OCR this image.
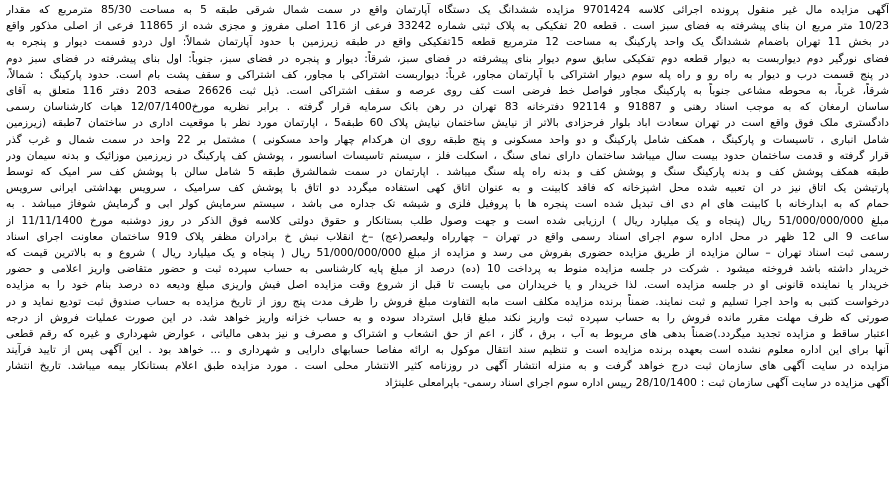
آگهی مزایده مال غیر منقول پرونده اجرائی کلاسه 9701424 مزایده ششدانگ یک دستگاه آپارتمان واقع در سمت شمال شرقی طبقه 5 به مساحت 85/30 مترمربع که مقدار
10/23 متر مربع ان بنای پیشرفته به فضای سبز است . قطعه 20 تفکیکی به پلاک ثبتی شماره 33242 فرعی از 116 اصلی مفروز و مجزی شده از 11865 فرعی از اصلی مذکور واقع
در بخش 11 تهران باضمام ششدانگ یک واحد پارکینگ به مساحت 12 مترمربع قطعه 15تفکیکی واقع در طبقه زیرزمین با حدود آپارتمان شمالاً: اول دردو قسمت دیوار و پنجره به
فضای نورگیر دوم دیواربست به دیوار قطعه دوم تفکیکی سابق سوم دیوار بنای پیشرفته در فضای سبز، شرقاً: دیوار و پنجره در فضای سبز، جنوباً: اول بنای پیشرفته در فضای سبز دوم
در پنج قسمت درب و دیوار به راه رو و راه پله سوم دیوار اشتراکی با آپارتمان مجاور، غرباً: دیواربست اشتراکی با مجاور، کف اشتراکی و سقف پشت بام است. حدود پارکینگ : شمالاً،
شرقاً، غرباً، به محوطه مشاعی جنوباً به پارکینگ مجاور فواصل خط فرضی است کف روی عرصه و سقف اشتراکی است. ذیل ثبت 26626 صفحه 203 دفتر 116 متعلق به آقای
ساسان ارمغان که به موجب اسناد رهنی و 91887 و 92114 دفترخانه 83 تهران در رهن بانک سرمایه قرار گرفته . برابر نظریه مورخ12/07/1400 هیات کارشناسان رسمی
دادگستری ملک فوق واقع است در تهران سعادت اباد بلوار فرحزادی بالاتر از نیایش ساختمان نیایش پلاک 60 طبقه5 ، اپارتمان مورد نظر با موقعیت اداری در ساختمان 7طبقه (زیرزمین
شامل انباری ، تاسیسات و پارکینگ ، همکف شامل پارکینگ و دو واحد مسکونی و پنج طبقه روی ان هرکدام چهار واحد مسکونی ) مشتمل بر 22 واحد در سمت شمال و غرب گذر
قرار گرفته و قدمت ساختمان حدود بیست سال میباشد ساختمان دارای نمای سنگ ، اسکلت فلز ، سیستم تاسیسات اسانسور ، پوشش کف پارکینگ در زیرزمین موزائیک و بدنه سیمان ودر
طبقه همکف پوشش کف و بدنه پارکینگ سنگ و پوشش کف و بدنه راه پله سنگ میباشد . اپارتمان در سمت شمالشرق طبقه 5 شامل سالن با پوشش کف سر امیک که توسط
پارتیشن یک اتاق نیز در ان تعبیه شده محل اشپزخانه که فاقد کابینت و به عنوان اتاق کهی استفاده میگردد دو اتاق با پوشش کف سرامیک ، سرویس بهداشتی ایرانی سرویس
حمام که به ابدارخانه با کابینت های ام دی اف تبدیل شده است پنجره ها با پروفیل فلزی و شیشه تک جداره می باشد ، سیستم سرمایش کولر ابی و گرمایش شوفاژ میباشد . به
مبلغ 51/000/000/000 ریال (پنجاه و یک میلیارد ریال ) ارزیابی شده است و جهت وصول طلب بستانکار و حقوق دولتی کلاسه فوق الذکر در روز دوشنبه مورخ 11/11/1400 از
ساعت 9 الی 12 ظهر در محل اداره سوم اجرای اسناد رسمی واقع در تهران – چهارراه ولیعصر(عج) –خ انقلاب نبش خ برادران مظفر پلاک 919 ساختمان معاونت اجرای اسناد
رسمی ثبت اسناد تهران – سالن مزایده از طریق مزایده حضوری بفروش می رسد و مزایده از مبلغ 51/000/000/000 ریال ( پنجاه و یک میلیارد ریال ) شروع و به بالاترین قیمت که
خریدار داشته باشد فروخته میشود . شرکت در جلسه مزایده منوط به پرداخت 10 (ده) درصد از مبلغ پایه کارشناسی به حساب سپرده ثبت و حضور متقاضی واریز اعلامی و حضور
خریدار یا نماینده قانونی او در جلسه مزایده است. لذا خریدار و یا خریداران می بایست تا قبل از شروع وقت مزایده اصل فیش واریزی مبلغ ودیعه ده درصد بنام خود را به مزایده
درخواست کتبی به واحد اجرا تسلیم و ثبت نمایند. ضمناً برنده مزایده مکلف است مابه التفاوت مبلغ فروش را ظرف مدت پنج روز از تاریخ مزایده به حساب صندوق ثبت تودیع نماید و در
صورتی که ظرف مهلت مقرر مانده فروش را به حساب سپرده ثبت واریز نکند مبلغ قابل استرداد سوده و به حساب خزانه واریز خواهد شد. در این صورت عملیات فروش از درجه
اعتبار ساقط و مزایده تجدید میگردد.)ضمناً بدهی های مربوط به آب ، برق ، گاز ، اعم از حق انشعاب و اشتراک و مصرف و نیز بدهی مالیاتی ، عوارض شهرداری و غیره که رقم قطعی
آنها برای این اداره معلوم نشده است بعهده برنده مزایده است و تنظیم سند انتقال موکول به ارائه مفاصا حسابهای دارایی و شهرداری و ... خواهد بود . این آگهی پس از تایید فرآیند
مزایده در سایت آگهی های سازمان ثبت درج خواهد گرفت و به منزله انتشار آگهی در روزنامه کثیر الانتشار محلی است . مورد مزایده طبق اعلام بستانکار بیمه میباشد. تاریخ انتشار
آگهی مزایده در سایت آگهی سازمان ثبت : 28/10/1400 رییس اداره سوم اجرای اسناد رسمی- باپرامعلی علینژاد
